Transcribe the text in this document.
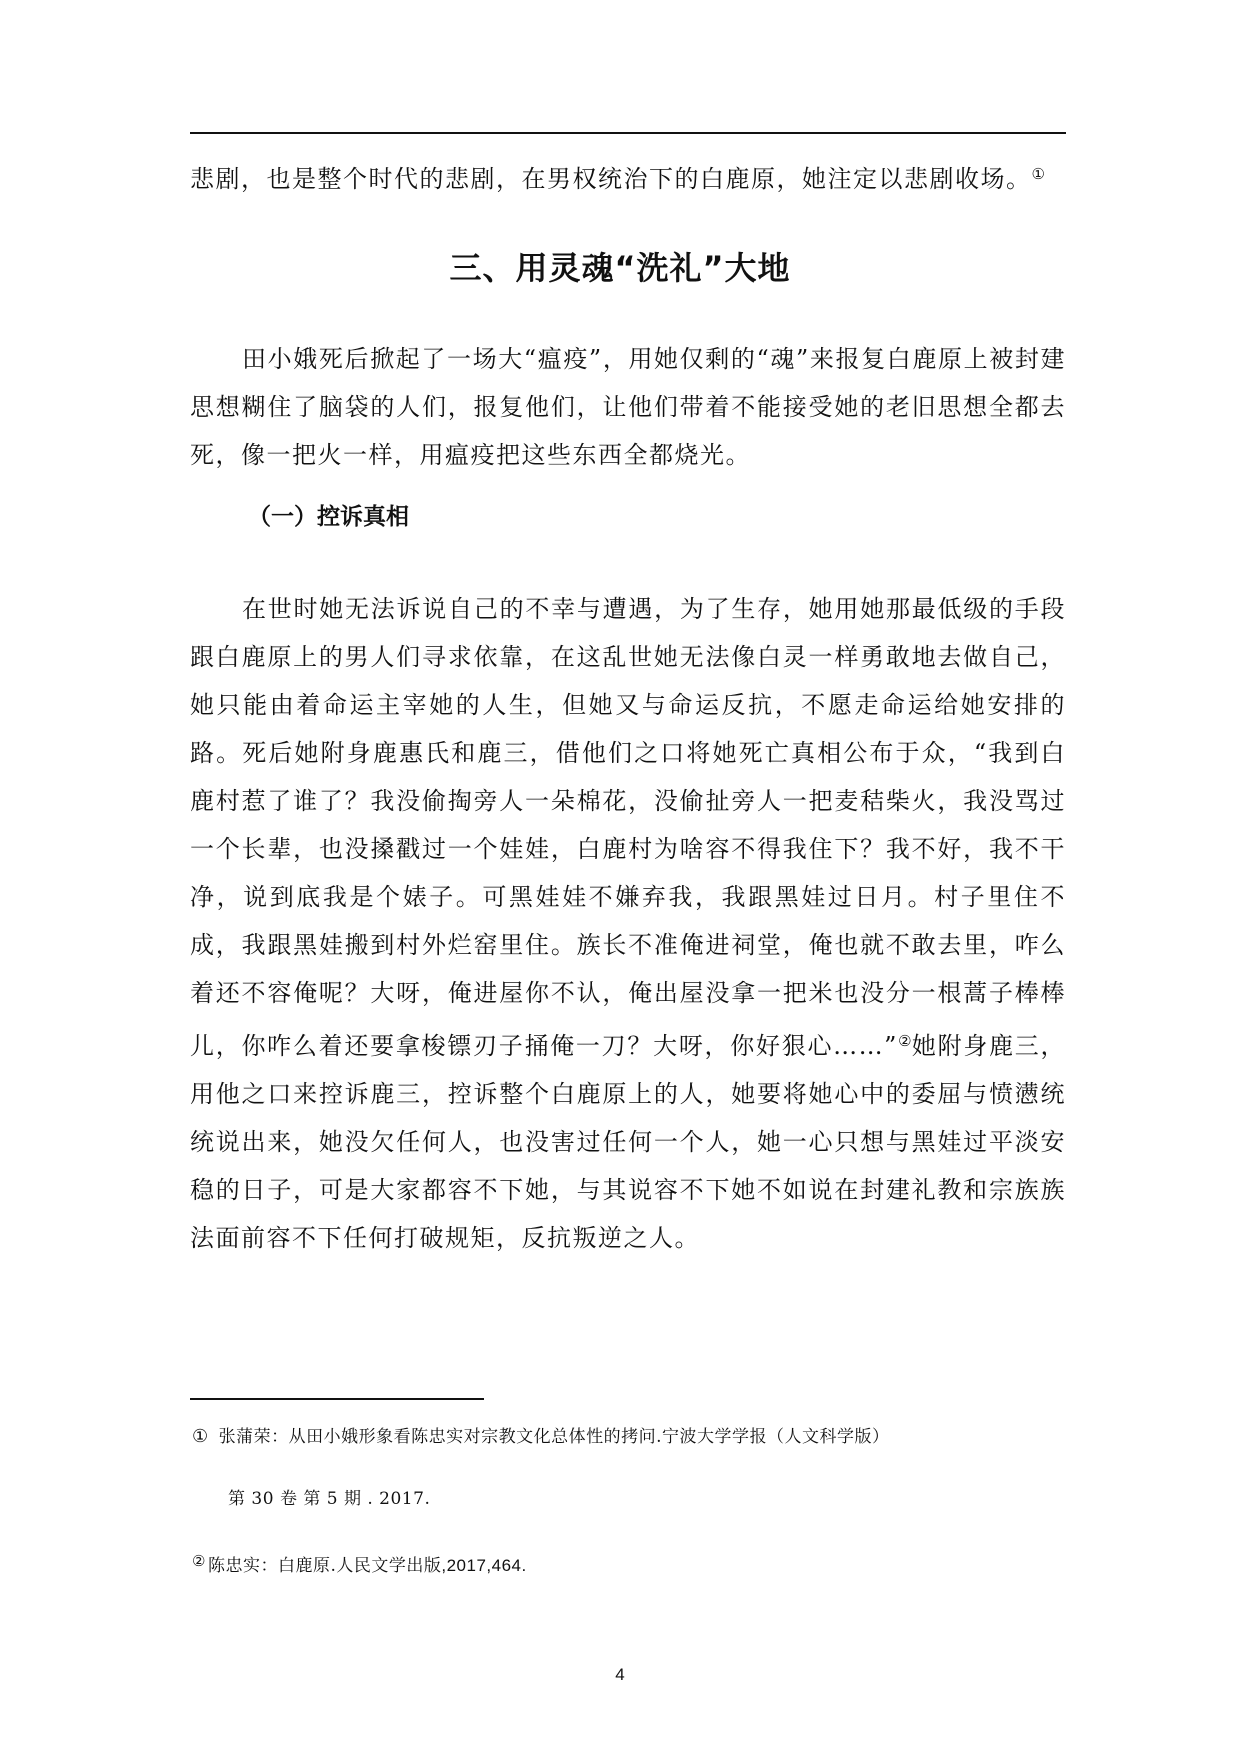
悲剧，也是整个时代的悲剧，在男权统治下的白鹿原，她注定以悲剧收场。①

三、用灵魂“洗礼”大地

田小娥死后掀起了一场大“瘟疫”，用她仅剩的“魂”来报复白鹿原上被封建思想糊住了脑袋的人们，报复他们，让他们带着不能接受她的老旧思想全都去死，像一把火一样，用瘟疫把这些东西全都烧光。

（一）控诉真相

在世时她无法诉说自己的不幸与遭遇，为了生存，她用她那最低级的手段跟白鹿原上的男人们寻求依靠，在这乱世她无法像白灵一样勇敢地去做自己，她只能由着命运主宰她的人生，但她又与命运反抗，不愿走命运给她安排的路。死后她附身鹿惠氏和鹿三，借他们之口将她死亡真相公布于众，“我到白鹿村惹了谁了？我没偷掏旁人一朵棉花，没偷扯旁人一把麦秸柴火，我没骂过一个长辈，也没搡戳过一个娃娃，白鹿村为啥容不得我住下？我不好，我不干净，说到底我是个婊子。可黑娃娃不嫌弃我，我跟黑娃过日月。村子里住不成，我跟黑娃搬到村外烂窑里住。族长不准俺进祠堂，俺也就不敢去里，咋么着还不容俺呢？大呀，俺进屋你不认，俺出屋没拿一把米也没分一根蒿子棒棒儿，你咋么着还要拿梭镖刃子捅俺一刀？大呀，你好狠心……”②她附身鹿三，用他之口来控诉鹿三，控诉整个白鹿原上的人，她要将她心中的委屈与愤懑统统说出来，她没欠任何人，也没害过任何一个人，她一心只想与黑娃过平淡安稳的日子，可是大家都容不下她，与其说容不下她不如说在封建礼教和宗族族法面前容不下任何打破规矩，反抗叛逆之人。

① 张蒲荣：从田小娥形象看陈忠实对宗教文化总体性的拷问.宁波大学学报（人文科学版）
第 30 卷 第 5 期 . 2017.
② 陈忠实：白鹿原.人民文学出版,2017,464.
4
